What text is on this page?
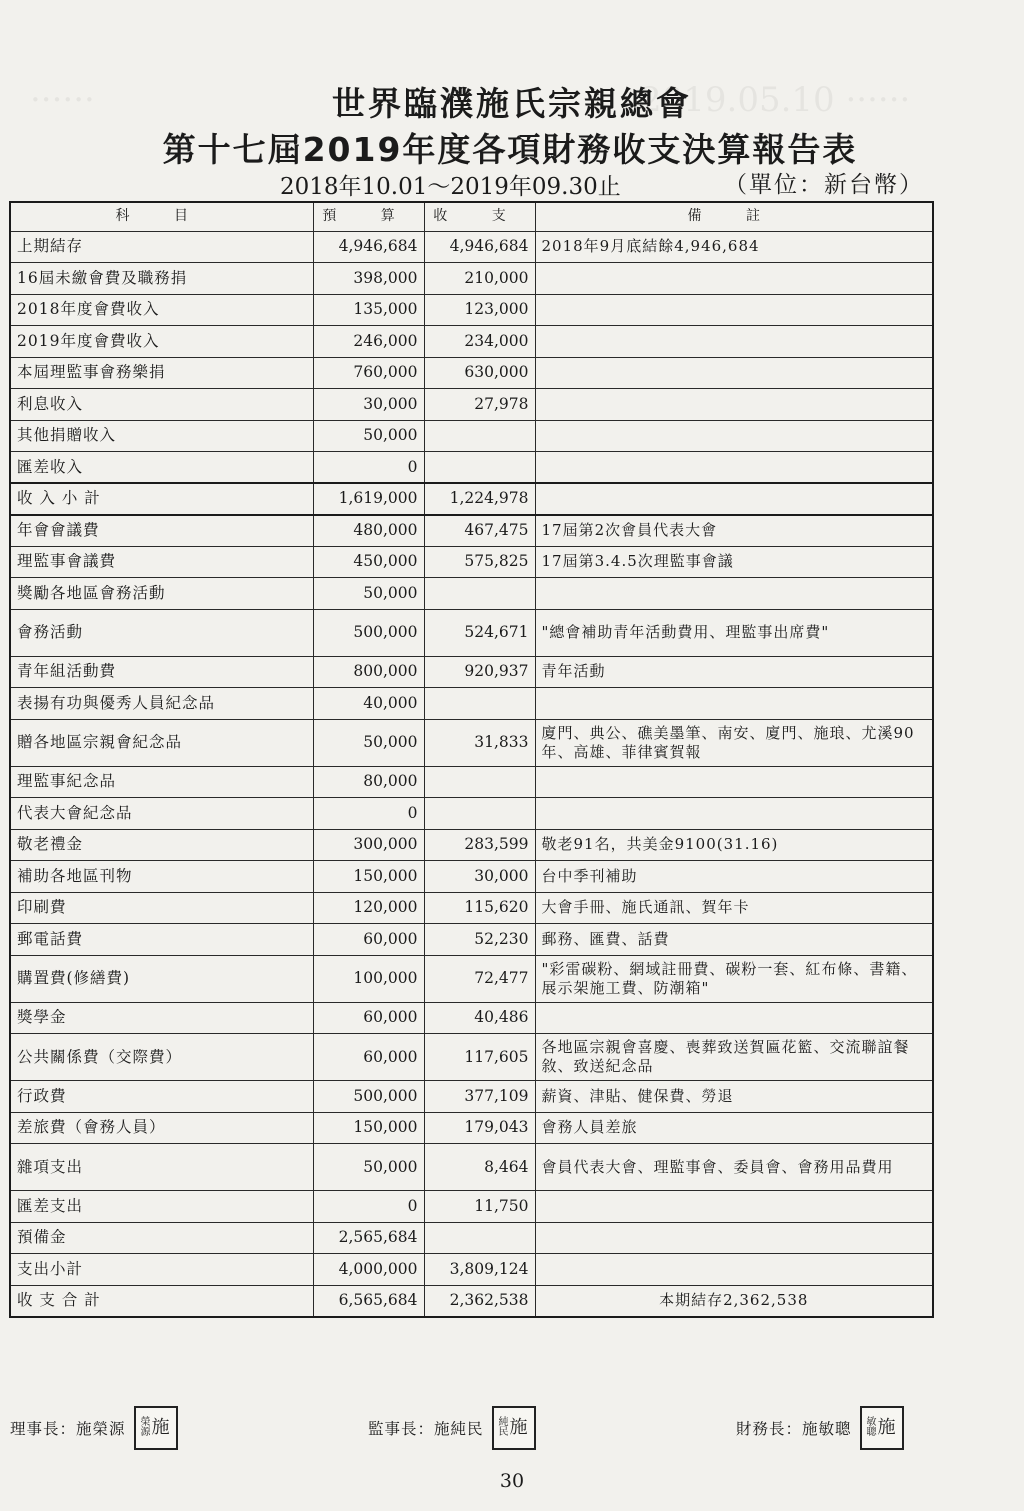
2019.05.10 ······
······	世界臨濮施氏宗親總會
第十七屆2019年度各項財務收支決算報告表
2018年10.01～2019年09.30止	（單位：新台幣）
科 目	預 算	收 支	備 註
上期結存	4,946,684	4,946,684	2018年9月底結餘4,946,684
16屆未繳會費及職務捐	398,000	210,000	
2018年度會費收入	135,000	123,000	
2019年度會費收入	246,000	234,000	
本屆理監事會務樂捐	760,000	630,000	
利息收入	30,000	27,978	
其他捐贈收入	50,000		
匯差收入	0		
收 入 小 計	1,619,000	1,224,978	
年會會議費	480,000	467,475	17屆第2次會員代表大會
理監事會議費	450,000	575,825	17屆第3.4.5次理監事會議
獎勵各地區會務活動	50,000		
會務活動	500,000	524,671	"總會補助青年活動費用、理監事出席費"
青年組活動費	800,000	920,937	青年活動
表揚有功與優秀人員紀念品	40,000		
贈各地區宗親會紀念品	50,000	31,833	廈門、典公、礁美墨筆、南安、廈門、施琅、尤溪90年、高雄、菲律賓賀報
理監事紀念品	80,000		
代表大會紀念品	0		
敬老禮金	300,000	283,599	敬老91名，共美金9100(31.16)
補助各地區刊物	150,000	30,000	台中季刊補助
印刷費	120,000	115,620	大會手冊、施氏通訊、賀年卡
郵電話費	60,000	52,230	郵務、匯費、話費
購置費(修繕費)	100,000	72,477	"彩雷碳粉、網域註冊費、碳粉一套、紅布條、書籍、展示架施工費、防潮箱"
獎學金	60,000	40,486	
公共關係費（交際費）	60,000	117,605	各地區宗親會喜慶、喪葬致送賀匾花籃、交流聯誼餐敘、致送紀念品
行政費	500,000	377,109	薪資、津貼、健保費、勞退
差旅費（會務人員）	150,000	179,043	會務人員差旅
雜項支出	50,000	8,464	會員代表大會、理監事會、委員會、會務用品費用
匯差支出	0	11,750	
預備金	2,565,684		
支出小計	4,000,000	3,809,124	
收 支 合 計	6,565,684	2,362,538	本期結存2,362,538
理事長：施榮源 榮
源 施	監事長：施純民 純
民 施	財務長：施敏聰 敏
聰 施
30
